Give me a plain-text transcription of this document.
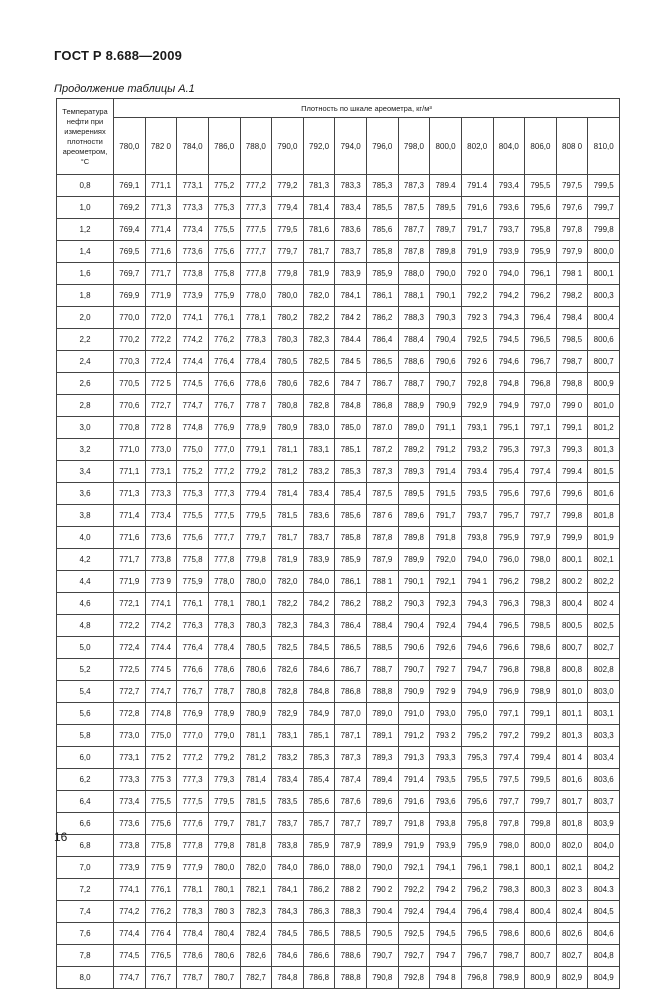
ГОСТ Р 8.688—2009
Продолжение таблицы А.1
Температура нефти при измерениях плотности ареометром, °С	Плотность по шкале ареометра, кг/м³															
	780,0	782 0	784,0	786,0	788,0	790,0	792,0	794,0	796,0	798,0	800,0	802,0	804,0	806,0	808 0	810,0
0,8	769,1	771,1	773,1	775,2	777,2	779,2	781,3	783,3	785,3	787,3	789.4	791.4	793,4	795,5	797,5	799,5
1,0	769,2	771,3	773,3	775,3	777,3	779,4	781,4	783,4	785,5	787,5	789,5	791,6	793,6	795,6	797,6	799,7
1,2	769,4	771,4	773,4	775,5	777,5	779,5	781,6	783,6	785,6	787,7	789,7	791,7	793,7	795,8	797,8	799,8
1,4	769,5	771,6	773,6	775,6	777,7	779,7	781,7	783,7	785,8	787,8	789,8	791,9	793,9	795,9	797,9	800,0
1,6	769,7	771,7	773,8	775,8	777,8	779,8	781,9	783,9	785,9	788,0	790,0	792 0	794,0	796,1	798 1	800,1
1,8	769,9	771,9	773,9	775,9	778,0	780,0	782,0	784,1	786,1	788,1	790,1	792,2	794,2	796,2	798,2	800,3
2,0	770,0	772,0	774,1	776,1	778,1	780,2	782,2	784 2	786,2	788,3	790,3	792 3	794,3	796,4	798,4	800,4
2,2	770,2	772,2	774,2	776,2	778,3	780,3	782,3	784.4	786,4	788,4	790,4	792,5	794,5	796,5	798,5	800,6
2,4	770,3	772,4	774,4	776,4	778,4	780,5	782,5	784 5	786,5	788,6	790,6	792 6	794,6	796,7	798,7	800,7
2,6	770,5	772 5	774,5	776,6	778,6	780,6	782,6	784 7	786.7	788,7	790,7	792,8	794,8	796,8	798,8	800,9
2,8	770,6	772,7	774,7	776,7	778 7	780,8	782,8	784,8	786,8	788,9	790,9	792,9	794,9	797,0	799 0	801,0
3,0	770,8	772 8	774,8	776,9	778,9	780,9	783,0	785,0	787.0	789,0	791,1	793,1	795,1	797,1	799,1	801,2
3,2	771,0	773,0	775,0	777,0	779,1	781,1	783,1	785,1	787,2	789,2	791,2	793,2	795,3	797,3	799,3	801,3
3,4	771,1	773,1	775,2	777,2	779,2	781,2	783,2	785,3	787,3	789,3	791,4	793.4	795,4	797,4	799.4	801,5
3,6	771,3	773,3	775,3	777,3	779.4	781,4	783,4	785,4	787,5	789,5	791,5	793,5	795,6	797,6	799,6	801,6
3,8	771,4	773,4	775,5	777,5	779,5	781,5	783,6	785,6	787 6	789,6	791,7	793,7	795,7	797,7	799,8	801,8
4,0	771,6	773,6	775,6	777,7	779,7	781,7	783,7	785,8	787,8	789,8	791,8	793,8	795,9	797,9	799,9	801,9
4,2	771,7	773,8	775,8	777,8	779,8	781,9	783,9	785,9	787,9	789,9	792,0	794,0	796,0	798,0	800,1	802,1
4,4	771,9	773 9	775,9	778,0	780,0	782,0	784,0	786,1	788 1	790,1	792,1	794 1	796,2	798,2	800.2	802,2
4,6	772,1	774,1	776,1	778,1	780,1	782,2	784,2	786,2	788,2	790,3	792,3	794,3	796,3	798,3	800,4	802 4
4,8	772,2	774,2	776,3	778,3	780,3	782,3	784,3	786,4	788,4	790,4	792,4	794,4	796,5	798,5	800,5	802,5
5,0	772,4	774.4	776,4	778,4	780,5	782,5	784,5	786,5	788,5	790,6	792,6	794,6	796,6	798,6	800,7	802,7
5,2	772,5	774 5	776,6	778,6	780,6	782,6	784,6	786,7	788,7	790,7	792 7	794,7	796,8	798,8	800,8	802,8
5,4	772,7	774,7	776,7	778,7	780,8	782,8	784,8	786,8	788,8	790,9	792 9	794,9	796,9	798,9	801,0	803,0
5,6	772,8	774,8	776,9	778,9	780,9	782,9	784,9	787,0	789,0	791,0	793,0	795,0	797,1	799,1	801,1	803,1
5,8	773,0	775,0	777,0	779,0	781,1	783,1	785,1	787,1	789,1	791,2	793 2	795,2	797,2	799,2	801,3	803,3
6,0	773,1	775 2	777,2	779,2	781,2	783,2	785,3	787,3	789,3	791,3	793,3	795,3	797,4	799,4	801 4	803,4
6,2	773,3	775 3	777,3	779,3	781,4	783,4	785,4	787,4	789,4	791,4	793,5	795,5	797,5	799,5	801,6	803,6
6,4	773,4	775,5	777,5	779,5	781,5	783,5	785,6	787,6	789,6	791,6	793,6	795,6	797,7	799,7	801,7	803,7
6,6	773,6	775,6	777,6	779,7	781,7	783,7	785,7	787,7	789,7	791,8	793,8	795,8	797,8	799,8	801,8	803,9
6,8	773,8	775,8	777,8	779,8	781,8	783,8	785,9	787,9	789,9	791,9	793,9	795,9	798,0	800,0	802,0	804,0
7,0	773,9	775 9	777,9	780,0	782,0	784,0	786,0	788,0	790,0	792,1	794,1	796,1	798,1	800,1	802,1	804,2
7,2	774,1	776,1	778,1	780,1	782,1	784,1	786,2	788 2	790 2	792,2	794 2	796,2	798,3	800,3	802 3	804.3
7,4	774,2	776,2	778,3	780 3	782,3	784,3	786,3	788,3	790.4	792,4	794,4	796,4	798,4	800,4	802,4	804,5
7,6	774,4	776 4	778,4	780,4	782,4	784,5	786,5	788,5	790,5	792,5	794,5	796,5	798,6	800,6	802,6	804,6
7,8	774,5	776,5	778,6	780,6	782,6	784,6	786,6	788,6	790,7	792,7	794 7	796,7	798,7	800,7	802,7	804,8
8,0	774,7	776,7	778,7	780,7	782,7	784,8	786,8	788,8	790,8	792,8	794 8	796,8	798,9	800,9	802,9	804,9
16
